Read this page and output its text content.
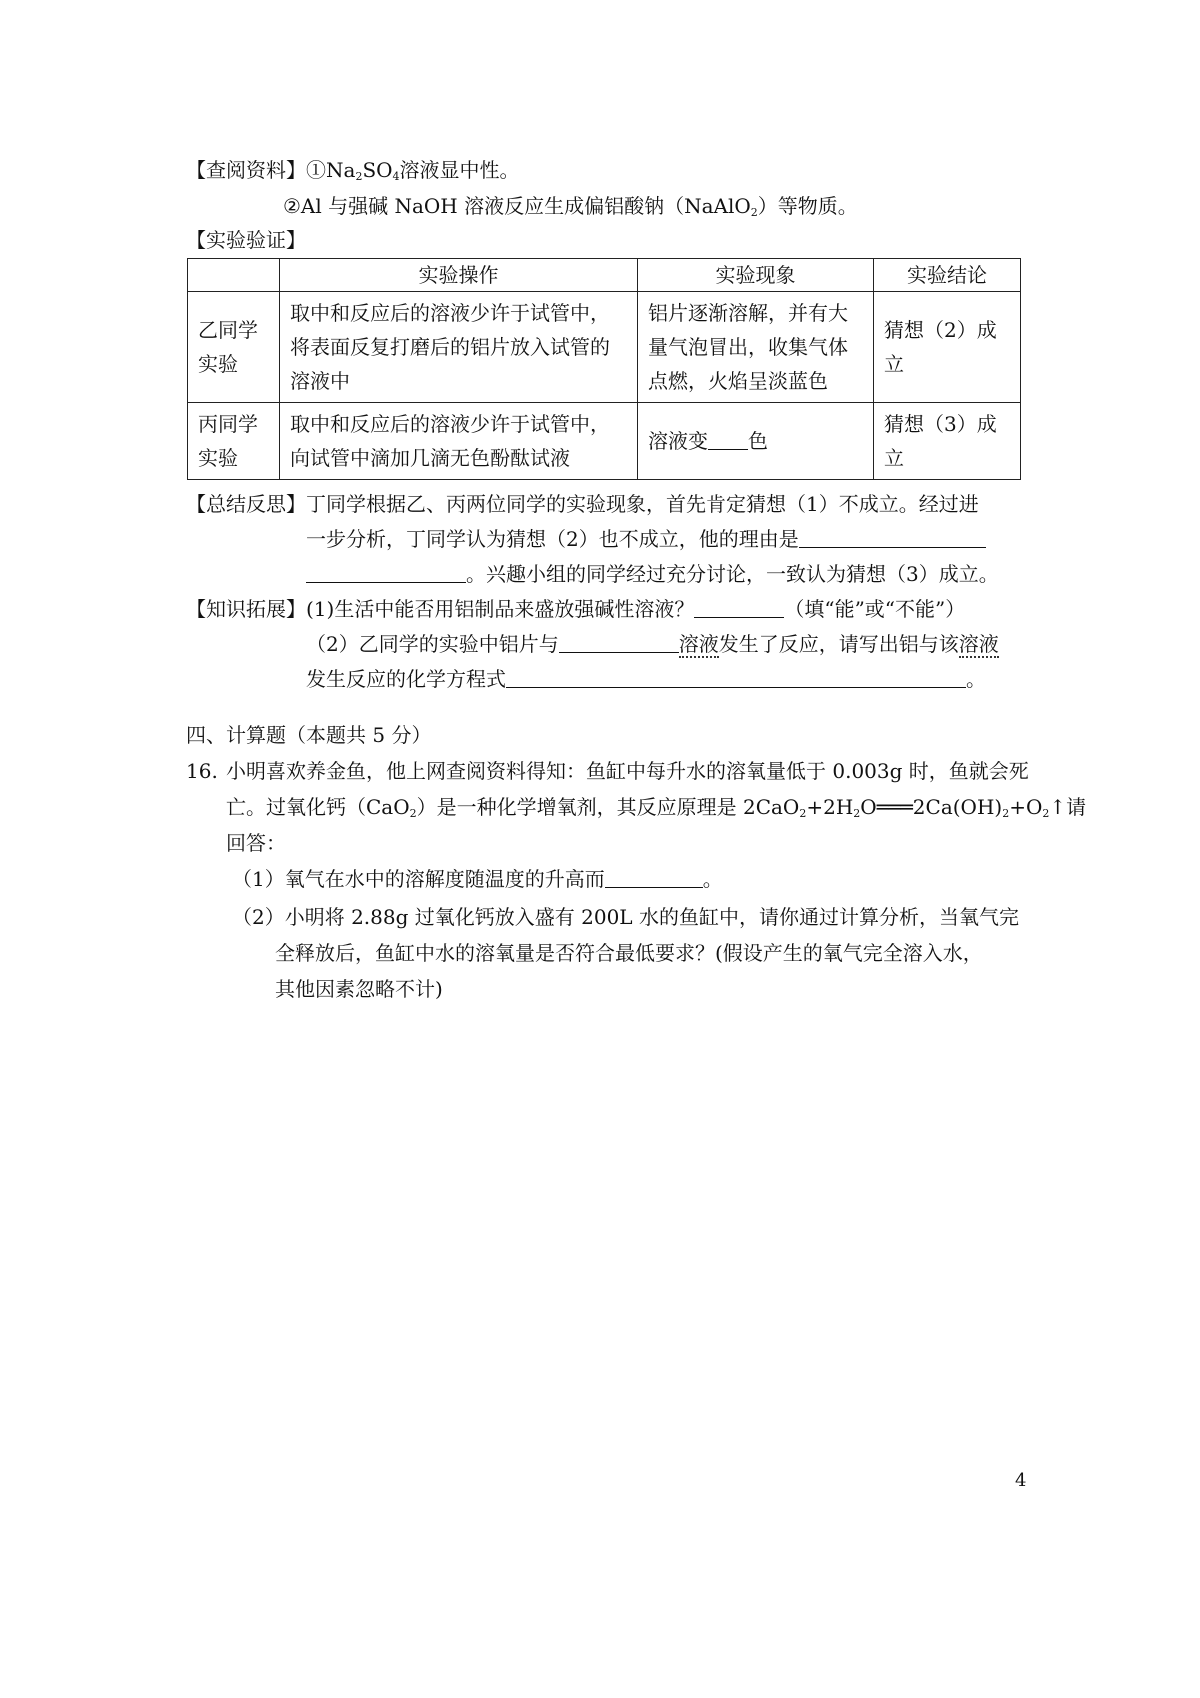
【查阅资料】$①Na_2SO_4$溶液显中性。
②Al 与强碱 NaOH 溶液反应生成偏铝酸钠（NaAlO$_2$）等物质。
【实验验证】
	实验操作	实验现象	实验结论
乙同学实验	取中和反应后的溶液少许于试管中，将表面反复打磨后的铝片放入试管的溶液中	铝片逐渐溶解，并有大量气泡冒出，收集气体点燃，火焰呈淡蓝色	猜想（2）成立
丙同学实验	取中和反应后的溶液少许于试管中，向试管中滴加几滴无色酚酞试液	溶液变 色	猜想（3）成立
【总结反思】丁同学根据乙、丙两位同学的实验现象，首先肯定猜想（1）不成立。经过进
一步分析，丁同学认为猜想（2）也不成立，他的理由是
。兴趣小组的同学经过充分讨论，一致认为猜想（3）成立。
【知识拓展】(1)生活中能否用铝制品来盛放强碱性溶液？	（填“能”或“不能”）
（2）乙同学的实验中铝片与	溶液发生了反应，请写出铝与该溶液
发生反应的化学方程式	。
四、计算题（本题共 5 分）
16. 小明喜欢养金鱼，他上网查阅资料得知：鱼缸中每升水的溶氧量低于 0.003g 时，鱼就会死
亡。过氧化钙（CaO$_2$）是一种化学增氧剂，其反应原理是 $2CaO_2+2H_2O═══2Ca(OH)_2+O_2↑$请
回答：
（1）氧气在水中的溶解度随温度的升高而	。
（2）小明将 2.88g 过氧化钙放入盛有 200L 水的鱼缸中，请你通过计算分析，当氧气完
全释放后，鱼缸中水的溶氧量是否符合最低要求？(假设产生的氧气完全溶入水，
其他因素忽略不计)
4
